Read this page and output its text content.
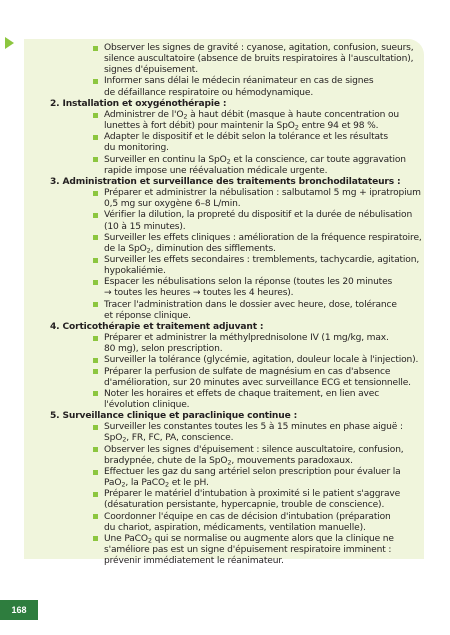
Observer les signes de gravité : cyanose, agitation, confusion, sueurs,
silence auscultatoire (absence de bruits respiratoires à l'auscultation),
signes d'épuisement.
Informer sans délai le médecin réanimateur en cas de signes
de défaillance respiratoire ou hémodynamique.
2. Installation et oxygénothérapie :
Administrer de $l'O_2$ à haut débit (masque à haute concentration ou
lunettes à fort débit) pour maintenir la SpO$_2$ entre 94 et 98 %.
Adapter le dispositif et le débit selon la tolérance et les résultats
du monitoring.
Surveiller en continu la SpO$_2$ et la conscience, car toute aggravation
rapide impose une réévaluation médicale urgente.
3. Administration et surveillance des traitements bronchodilatateurs :
Préparer et administrer la nébulisation : salbutamol 5 mg + ipratropium
0,5 mg sur oxygène 6–8 L/min.
Vérifier la dilution, la propreté du dispositif et la durée de nébulisation
(10 à 15 minutes).
Surveiller les effets cliniques : amélioration de la fréquence respiratoire,
de la SpO$_2$, diminution des sifflements.
Surveiller les effets secondaires : tremblements, tachycardie, agitation,
hypokaliémie.
Espacer les nébulisations selon la réponse (toutes les 20 minutes
→ toutes les heures → toutes les 4 heures).
Tracer l'administration dans le dossier avec heure, dose, tolérance
et réponse clinique.
4. Corticothérapie et traitement adjuvant :
Préparer et administrer la méthylprednisolone IV (1 mg/kg, max.
80 mg), selon prescription.
Surveiller la tolérance (glycémie, agitation, douleur locale à l'injection).
Préparer la perfusion de sulfate de magnésium en cas d'absence
d'amélioration, sur 20 minutes avec surveillance ECG et tensionnelle.
Noter les horaires et effets de chaque traitement, en lien avec
l'évolution clinique.
5. Surveillance clinique et paraclinique continue :
Surveiller les constantes toutes les 5 à 15 minutes en phase aiguë :
SpO$_2$, FR, FC, PA, conscience.
Observer les signes d'épuisement : silence auscultatoire, confusion,
bradypnée, chute de la SpO$_2$, mouvements paradoxaux.
Effectuer les gaz du sang artériel selon prescription pour évaluer la
PaO$_2$, la PaCO$_2$ et le pH.
Préparer le matériel d'intubation à proximité si le patient s'aggrave
(désaturation persistante, hypercapnie, trouble de conscience).
Coordonner l'équipe en cas de décision d'intubation (préparation
du chariot, aspiration, médicaments, ventilation manuelle).
Une PaCO$_2$ qui se normalise ou augmente alors que la clinique ne
s'améliore pas est un signe d'épuisement respiratoire imminent :
prévenir immédiatement le réanimateur.
168
